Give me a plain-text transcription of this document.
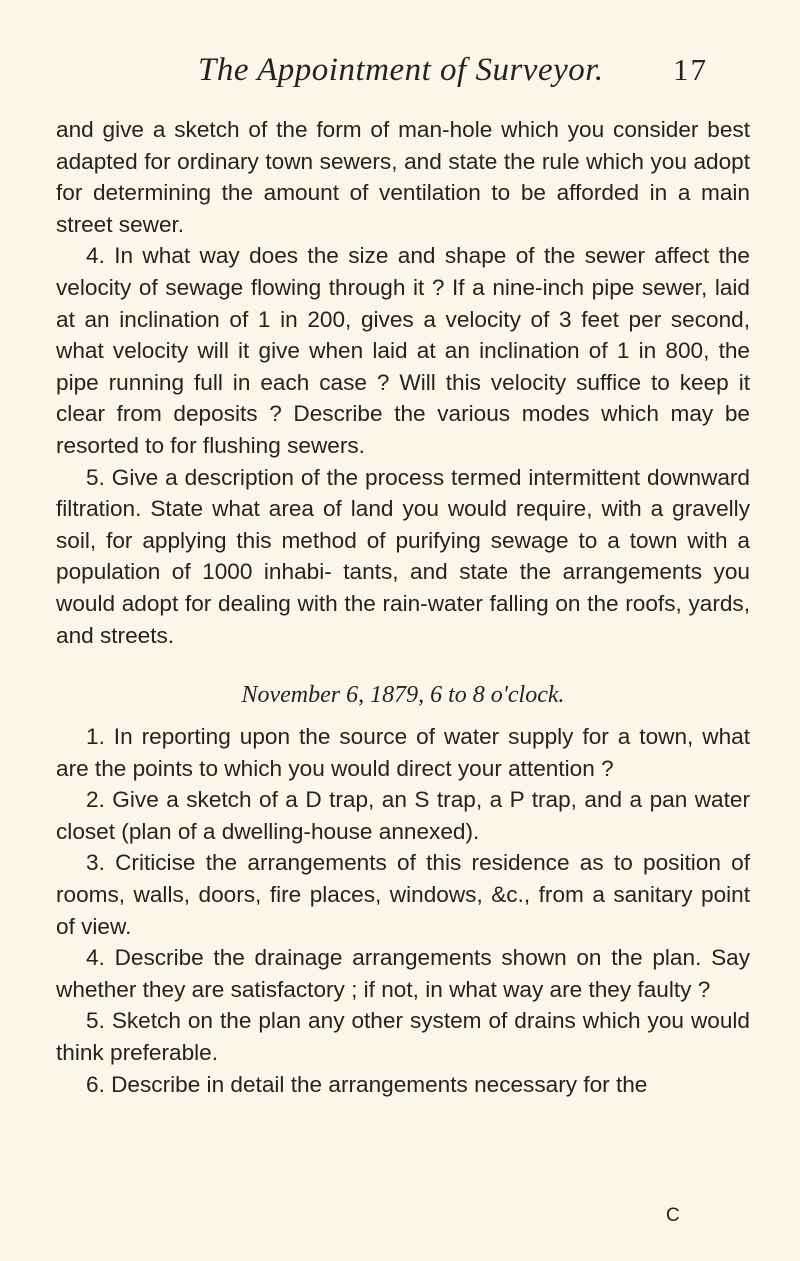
The Appointment of Surveyor. 17

and give a sketch of the form of man-hole which you consider best adapted for ordinary town sewers, and state the rule which you adopt for determining the amount of ventilation to be afforded in a main street sewer.

4. In what way does the size and shape of the sewer affect the velocity of sewage flowing through it ? If a nine-inch pipe sewer, laid at an inclination of 1 in 200, gives a velocity of 3 feet per second, what velocity will it give when laid at an inclination of 1 in 800, the pipe running full in each case ? Will this velocity suffice to keep it clear from deposits ? Describe the various modes which may be resorted to for flushing sewers.

5. Give a description of the process termed intermittent downward filtration. State what area of land you would require, with a gravelly soil, for applying this method of purifying sewage to a town with a population of 1000 inhabi- tants, and state the arrangements you would adopt for dealing with the rain-water falling on the roofs, yards, and streets.

November 6, 1879, 6 to 8 o'clock.

1. In reporting upon the source of water supply for a town, what are the points to which you would direct your attention ?

2. Give a sketch of a D trap, an S trap, a P trap, and a pan water closet (plan of a dwelling-house annexed).

3. Criticise the arrangements of this residence as to position of rooms, walls, doors, fire places, windows, &c., from a sanitary point of view.

4. Describe the drainage arrangements shown on the plan. Say whether they are satisfactory ; if not, in what way are they faulty ?

5. Sketch on the plan any other system of drains which you would think preferable.

6. Describe in detail the arrangements necessary for the

C
